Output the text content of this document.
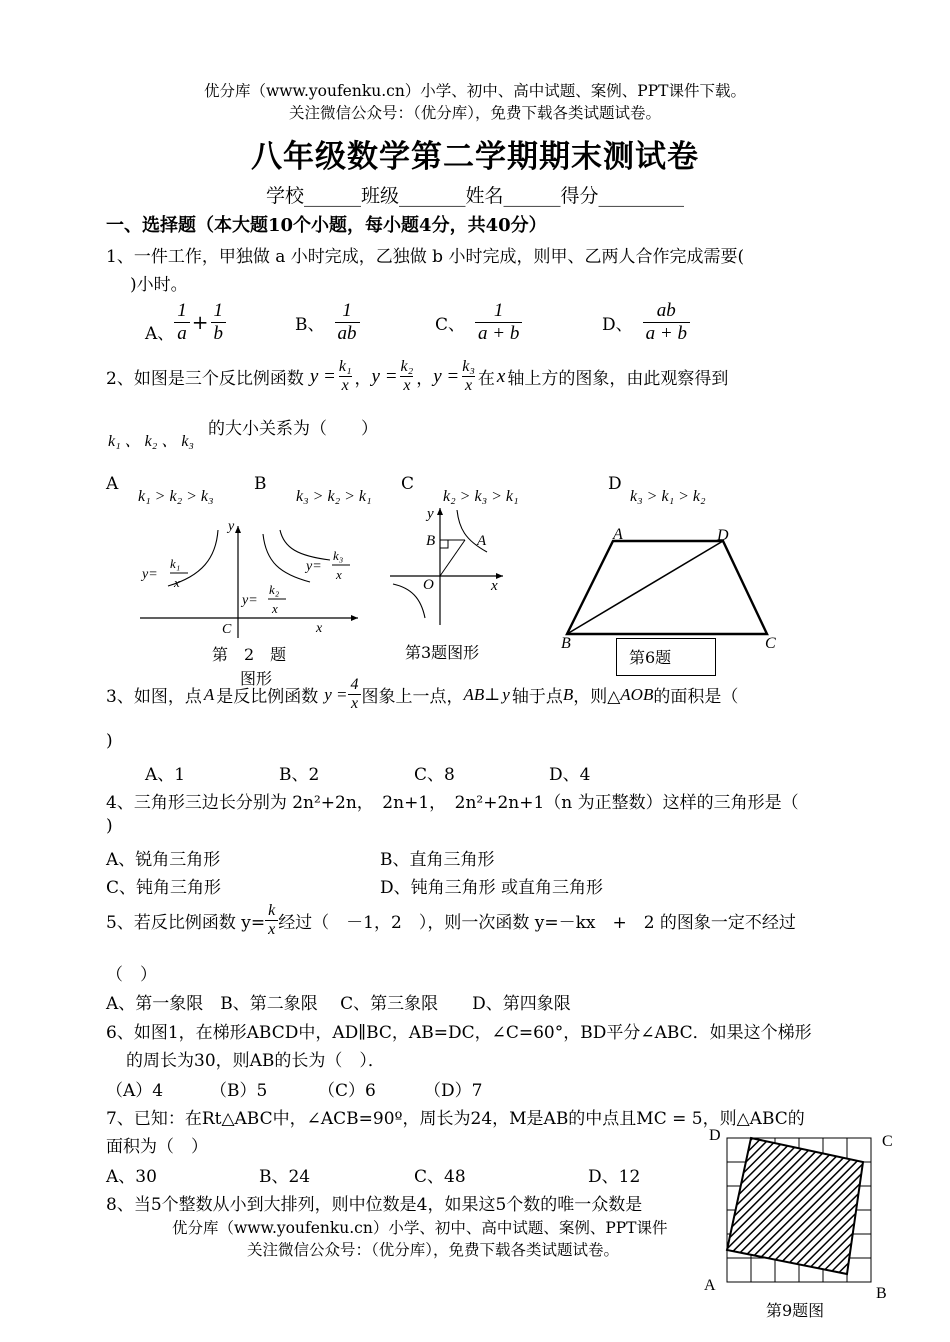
优分库（www.youfenku.cn）小学、初中、高中试题、案例、PPT课件下载。
关注微信公众号：（优分库），免费下载各类试题试卷。
八年级数学第二学期期末测试卷
学校______班级_______姓名______得分_________
一、选择题（本大题10个小题，每小题4分，共40分）
1、一件工作，甲独做 a 小时完成，乙独做 b 小时完成，则甲、乙两人合作完成需要(
)小时。
A、 $\frac{1}{a} + \frac{1}{b}$	B、 $\frac{1}{ab}$	C、 $\frac{1}{a + b}$	D、 $\frac{ab}{a + b}$
2、如图是三个反比例函数 $y = \frac{\text{k₁}}{x}$ ， $y = \frac{\text{k₂}}{x}$ ， $y = \frac{\text{k₃}}{x}$ 在 x 轴上方的图象，由此观察得到
的大小关系为（　　）
k₁ 、 k₂ 、 k₃
A
k₁ > k₂ > k₃
B
k₃ > k₂ > k₁
C
k₂ > k₃ > k₁
D
k₃ > k₁ > k₂
y
x
C
y=
k₁
x
y=
k₃
x
y=
k₂
x
第　2　题
图形
y
x
O
B	A
第3题图形
A	D
B	C
第6题
3、如图，点 A 是反比例函数 $y = \frac{4}{x}$ 图象上一点， AB ⊥ y 轴于点 B ，则△ AOB 的面积是（
)
A、1	B、2	C、8	D、4
4、三角形三边长分别为 2n²+2n，　2n+1，　2n²+2n+1（n 为正整数）这样的三角形是（
)
A、锐角三角形	B、直角三角形
C、钝角三角形	D、钝角三角形 或直角三角形
5、若反比例函数 $y= \frac{k}{x}$ 经过（　－1，2　），则一次函数 y=－kx　+　2 的图象一定不经过
（　）
A、第一象限　B、第二象限　 C、第三象限　　D、第四象限
6、如图1，在梯形ABCD中，AD∥BC，AB=DC，∠C=60°，BD平分∠ABC．如果这个梯形
的周长为30，则AB的长为（　）．
（A）4	（B）5	（C）6	（D）7
7、已知：在Rt△ABC中，∠ACB=90º，周长为24，M是AB的中点且MC = 5，则△ABC的
面积为（　）
A、30	B、24	C、48	D、12
8、当5个整数从小到大排列，则中位数是4，如果这5个数的唯一众数是
优分库（www.youfenku.cn）小学、初中、高中试题、案例、PPT课件
关注微信公众号：（优分库），免费下载各类试题试卷。
D	C
A	B
第9题图
